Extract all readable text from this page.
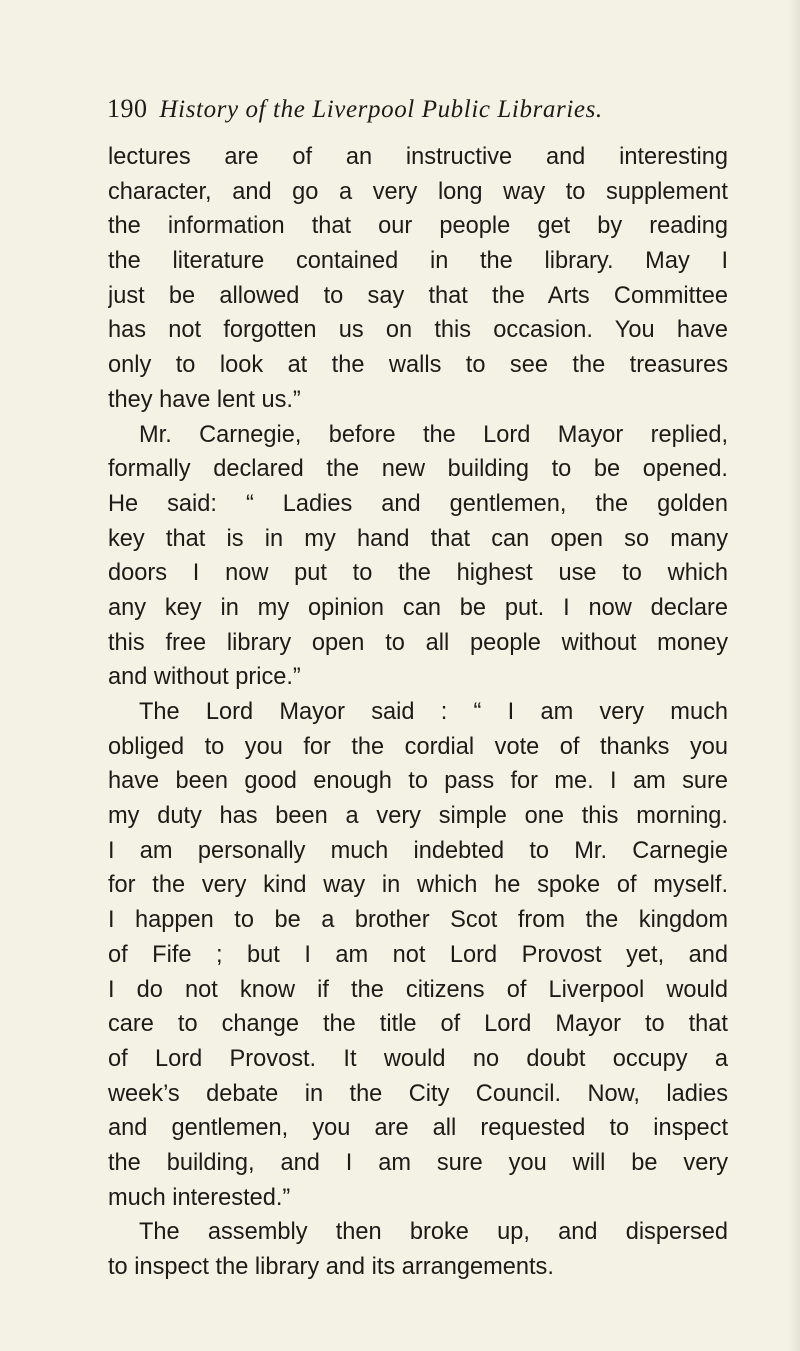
190 History of the Liverpool Public Libraries.
lectures are of an instructive and interesting
character, and go a very long way to supplement
the information that our people get by reading
the literature contained in the library. May I
just be allowed to say that the Arts Committee
has not forgotten us on this occasion. You have
only to look at the walls to see the treasures
they have lent us.”
Mr. Carnegie, before the Lord Mayor replied,
formally declared the new building to be opened.
He said: “ Ladies and gentlemen, the golden
key that is in my hand that can open so many
doors I now put to the highest use to which
any key in my opinion can be put. I now declare
this free library open to all people without money
and without price.”
The Lord Mayor said : “ I am very much
obliged to you for the cordial vote of thanks you
have been good enough to pass for me. I am sure
my duty has been a very simple one this morning.
I am personally much indebted to Mr. Carnegie
for the very kind way in which he spoke of myself.
I happen to be a brother Scot from the kingdom
of Fife ; but I am not Lord Provost yet, and
I do not know if the citizens of Liverpool would
care to change the title of Lord Mayor to that
of Lord Provost. It would no doubt occupy a
week’s debate in the City Council. Now, ladies
and gentlemen, you are all requested to inspect
the building, and I am sure you will be very
much interested.”
The assembly then broke up, and dispersed
to inspect the library and its arrangements.
